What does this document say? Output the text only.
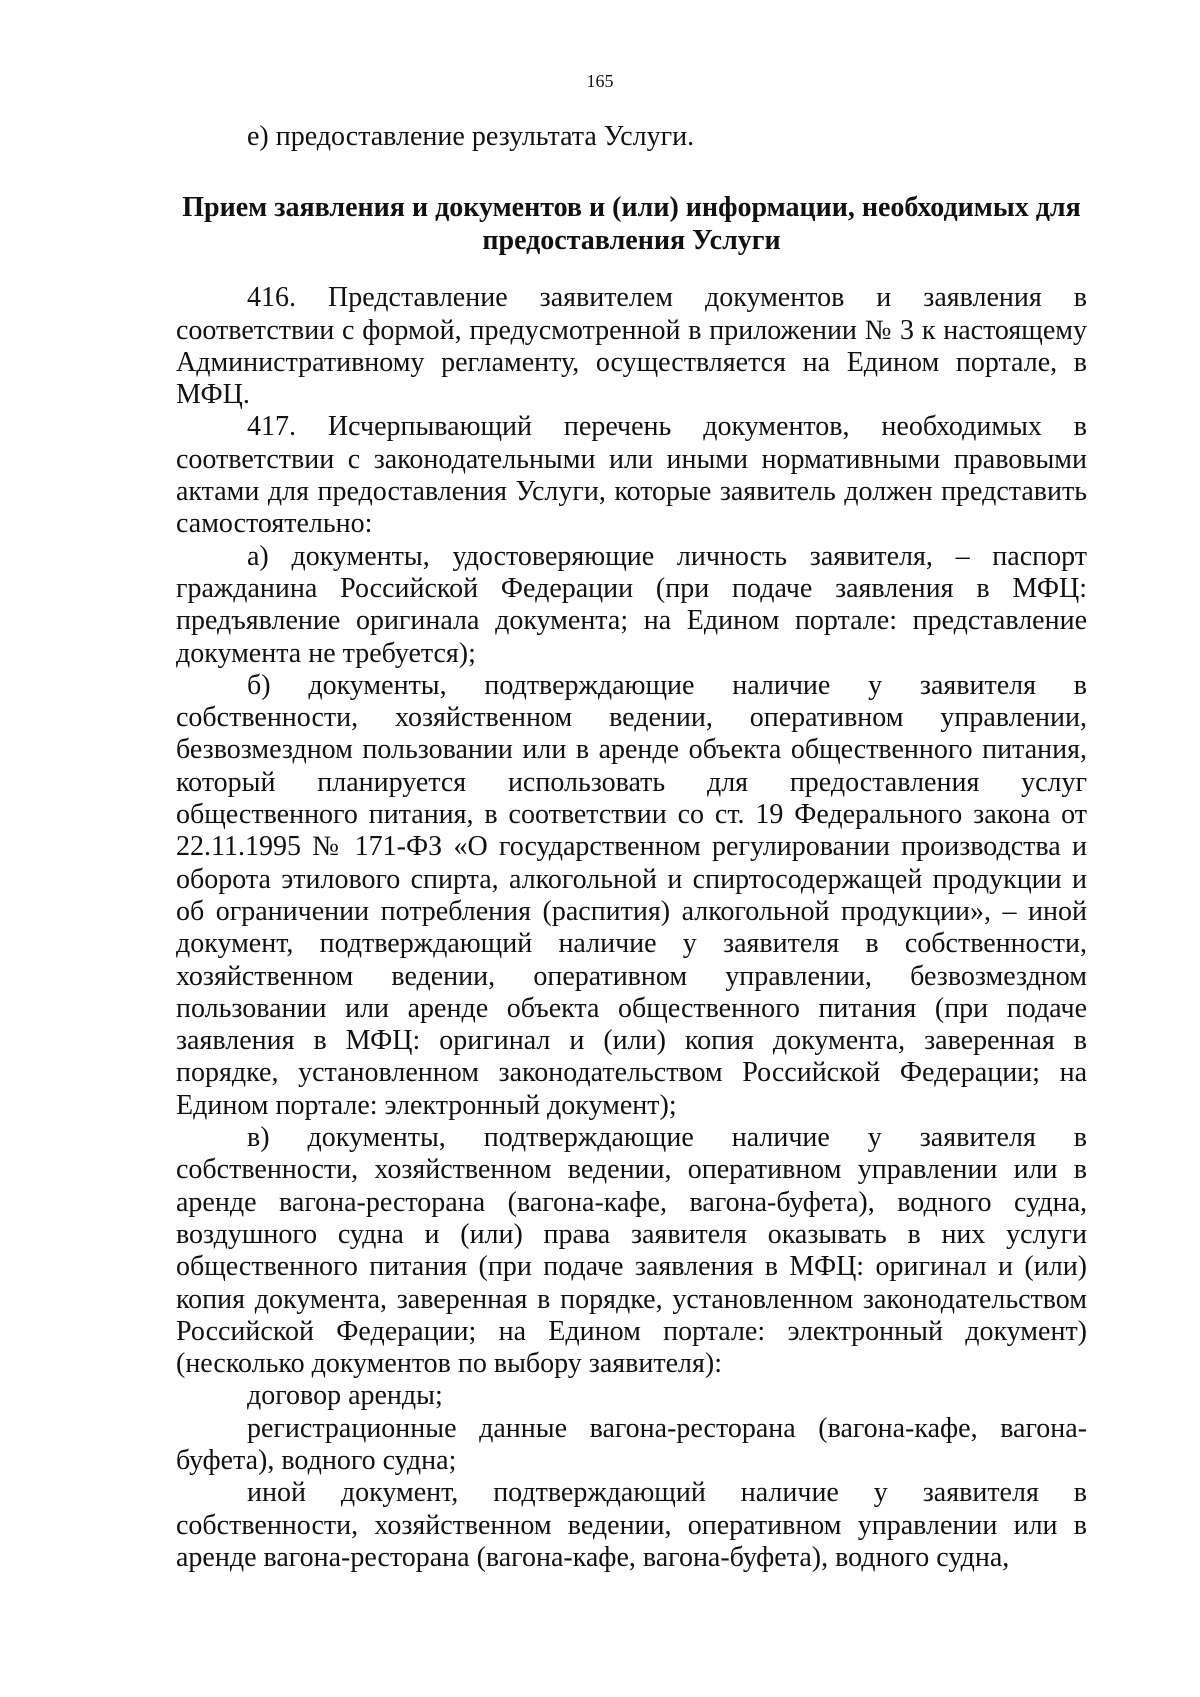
165

е) предоставление результата Услуги.

Прием заявления и документов и (или) информации, необходимых для
предоставления Услуги

416. Представление заявителем документов и заявления в соответствии с формой, предусмотренной в приложении № 3 к настоящему Административному регламенту, осуществляется на Едином портале, в МФЦ.

417. Исчерпывающий перечень документов, необходимых в соответствии с законодательными или иными нормативными правовыми актами для предоставления Услуги, которые заявитель должен представить самостоятельно:

а) документы, удостоверяющие личность заявителя, – паспорт гражданина Российской Федерации (при подаче заявления в МФЦ: предъявление оригинала документа; на Едином портале: представление документа не требуется);

б) документы, подтверждающие наличие у заявителя в собственности, хозяйственном ведении, оперативном управлении, безвозмездном пользовании или в аренде объекта общественного питания, который планируется использовать для предоставления услуг общественного питания, в соответствии со ст. 19 Федерального закона от 22.11.1995 № 171-ФЗ «О государственном регулировании производства и оборота этилового спирта, алкогольной и спиртосодержащей продукции и об ограничении потребления (распития) алкогольной продукции», – иной документ, подтверждающий наличие у заявителя в собственности, хозяйственном ведении, оперативном управлении, безвозмездном пользовании или аренде объекта общественного питания (при подаче заявления в МФЦ: оригинал и (или) копия документа, заверенная в порядке, установленном законодательством Российской Федерации; на Едином портале: электронный документ);

в) документы, подтверждающие наличие у заявителя в собственности, хозяйственном ведении, оперативном управлении или в аренде вагона-ресторана (вагона-кафе, вагона-буфета), водного судна, воздушного судна и (или) права заявителя оказывать в них услуги общественного питания (при подаче заявления в МФЦ: оригинал и (или) копия документа, заверенная в порядке, установленном законодательством Российской Федерации; на Едином портале: электронный документ) (несколько документов по выбору заявителя):

договор аренды;

регистрационные данные вагона-ресторана (вагона-кафе, вагона-буфета), водного судна;

иной документ, подтверждающий наличие у заявителя в собственности, хозяйственном ведении, оперативном управлении или в аренде вагона-ресторана (вагона-кафе, вагона-буфета), водного судна,
